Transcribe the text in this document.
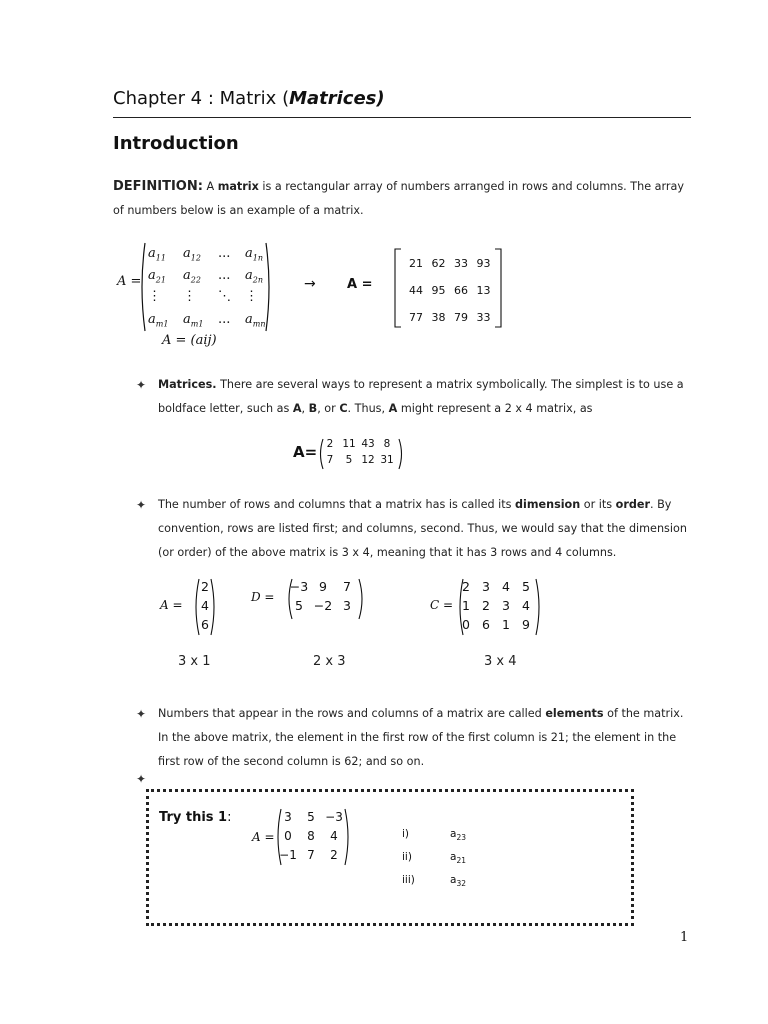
Chapter 4 : Matrix (Matrices)
Introduction
DEFINITION: A matrix is a rectangular array of numbers arranged in rows and columns. The array of numbers below is an example of a matrix.
A =
$a_{11}$ $a_{12}$ ... $a_{1n}$
$a_{21}$ $a_{22}$ ... $a_{2n}$
⋮ ⋮ ⋱ ⋮
$a_{m1}$ $a_{m1}$ ... $a_{mn}$
A = (aij)
→ A =
21 62 33 93
44 95 66 13
77 38 79 33
✦ Matrices. There are several ways to represent a matrix symbolically. The simplest is to use a boldface letter, such as A, B, or C. Thus, A might represent a 2 x 4 matrix, as
A= 2 11 43 8
7	5 12 31
✦ The number of rows and columns that a matrix has is called its dimension or its order. By convention, rows are listed first; and columns, second. Thus, we would say that the dimension (or order) of the above matrix is 3 x 4, meaning that it has 3 rows and 4 columns.
A =
2
4
6
3 x 1
D =
−3 9	7
5 −2 3
2 x 3
C =
2 3 4 5
1 2 3 4
0 6 1 9
3 x 4
✦ Numbers that appear in the rows and columns of a matrix are called elements of the matrix. In the above matrix, the element in the first row of the first column is 21; the element in the first row of the second column is 62; and so on.
✦
Try this 1:
A =
3	5 −3
0	8	4
−1 7	2
i)	$a_{23}$
ii)	$a_{21}$
iii)	$a_{32}$
1
